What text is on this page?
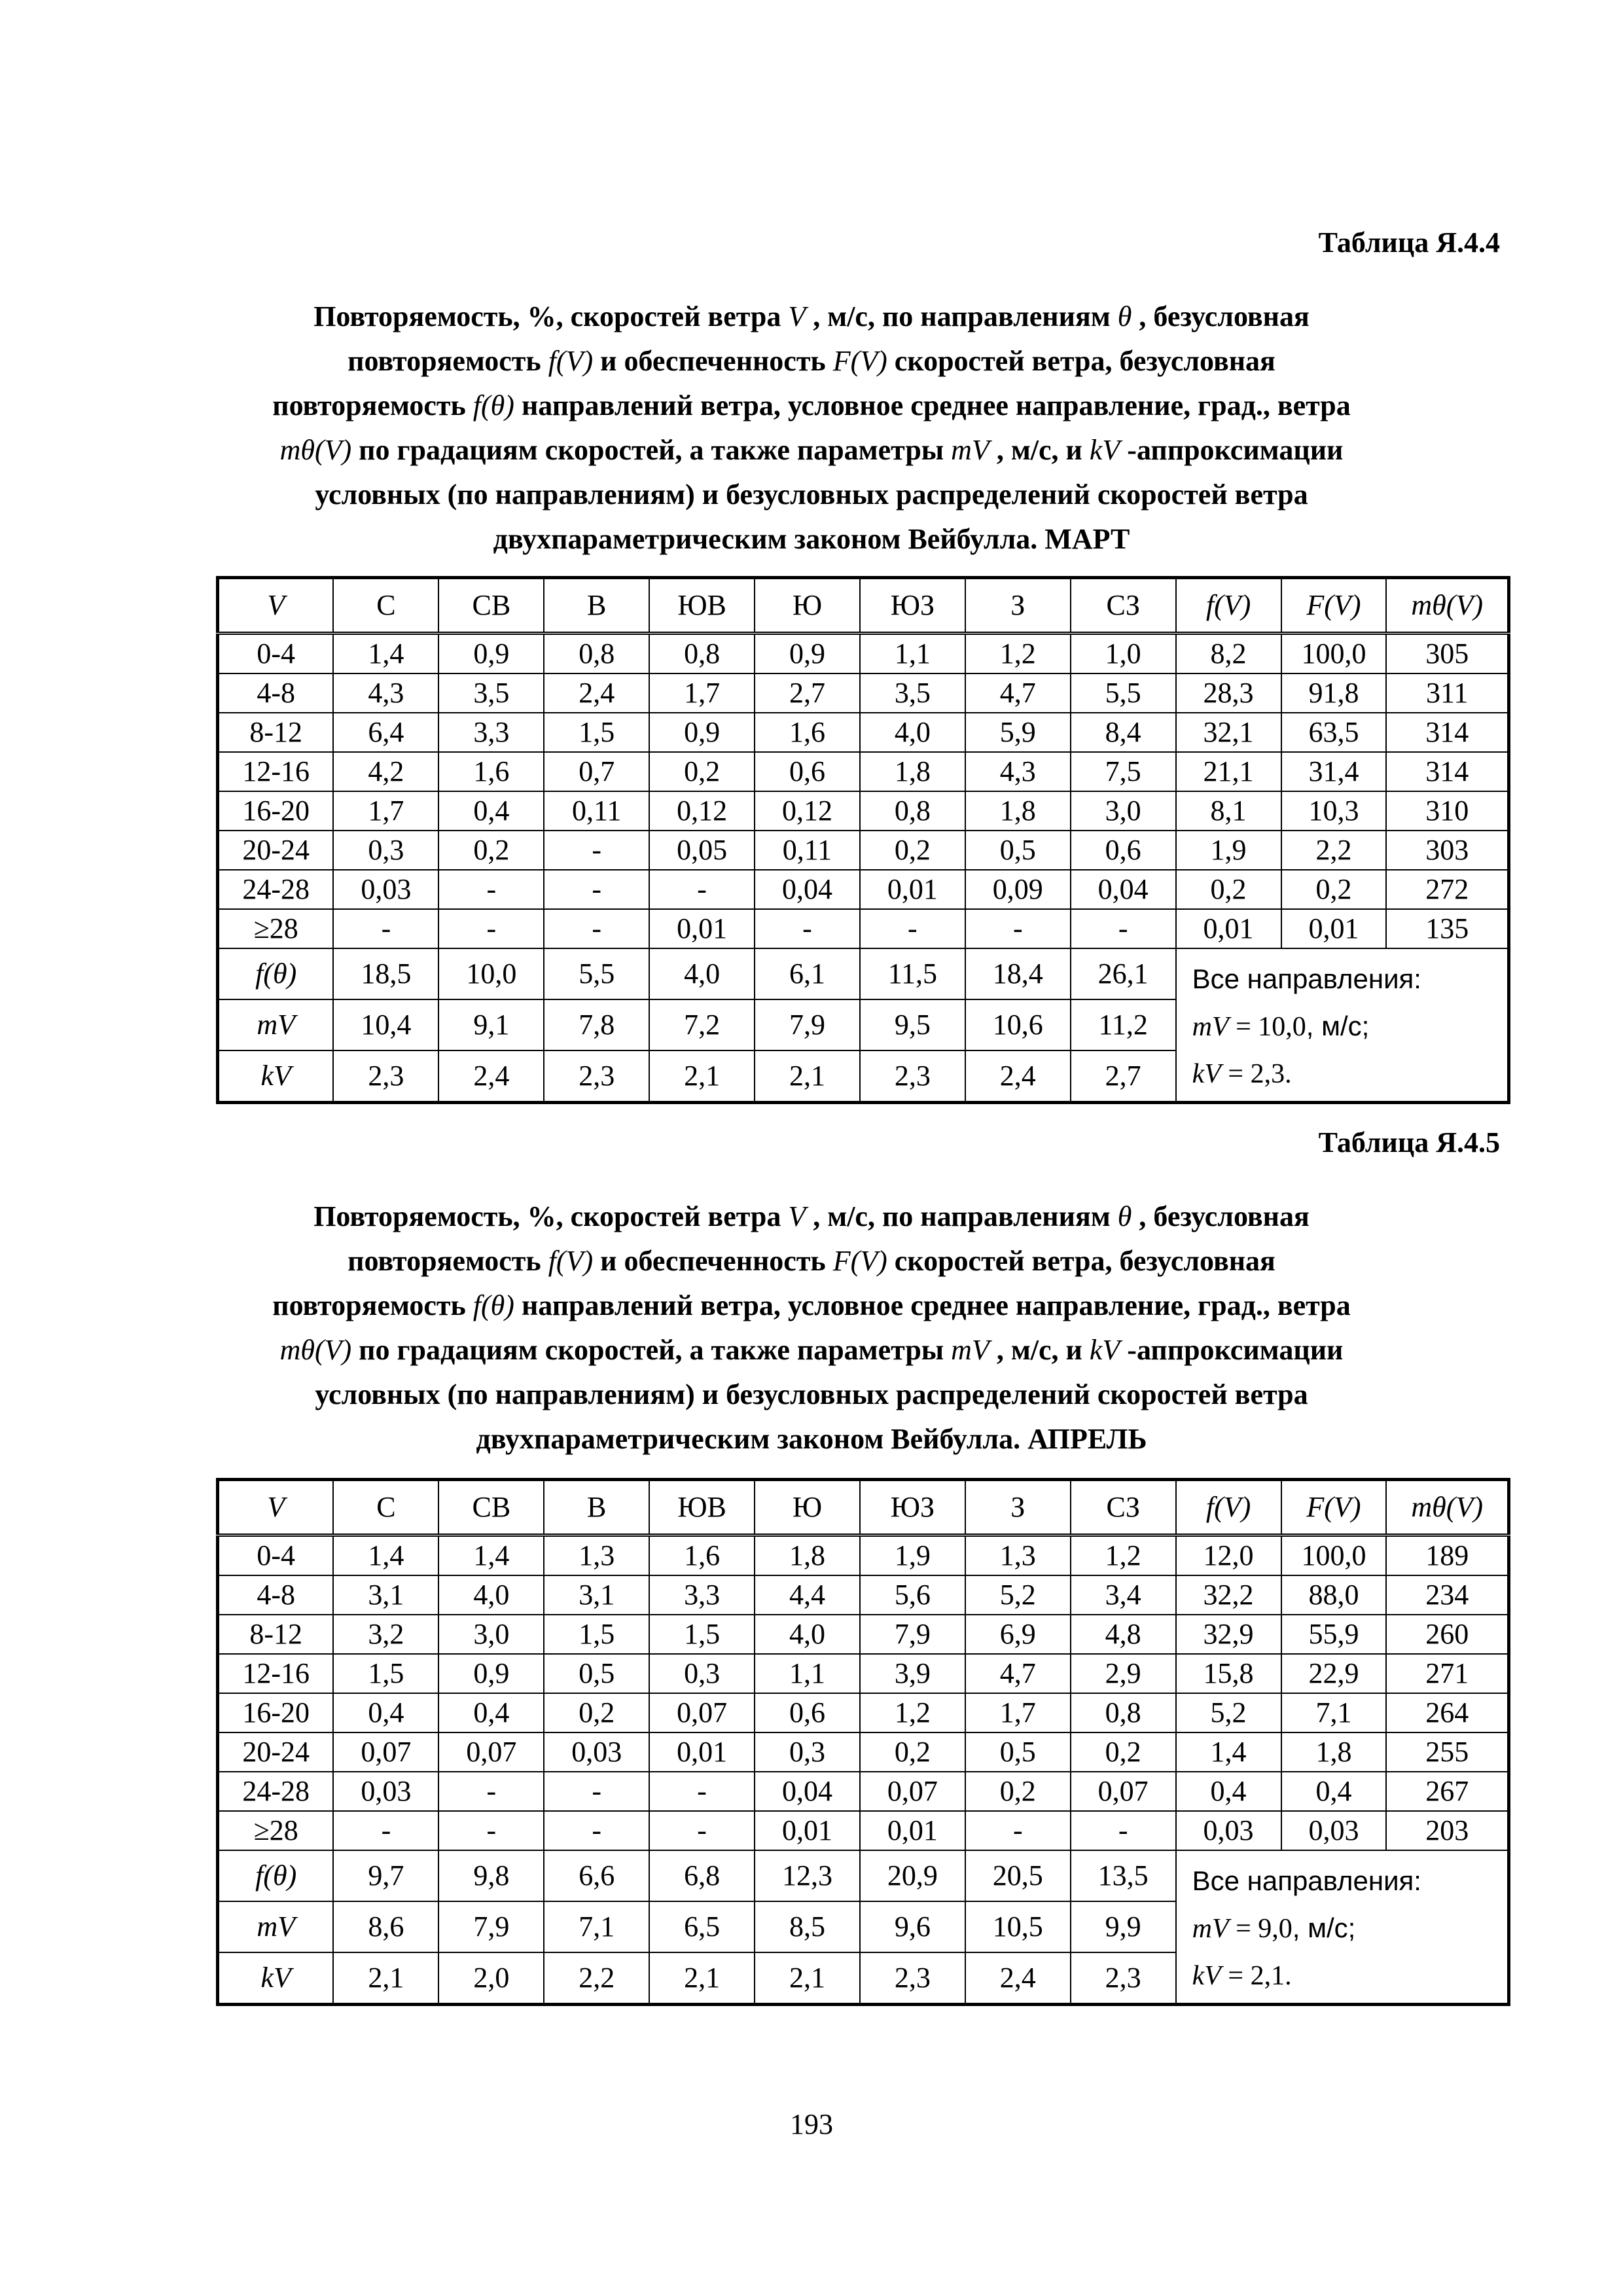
Таблица Я.4.4
Повторяемость, %, скоростей ветра V , м/с, по направлениям θ , безусловная
повторяемость f(V) и обеспеченность F(V) скоростей ветра, безусловная
повторяемость f(θ) направлений ветра, условное среднее направление, град., ветра
mθ(V) по градациям скоростей, а также параметры mV , м/с, и kV -аппроксимации
условных (по направлениям) и безусловных распределений скоростей ветра
двухпараметрическим законом Вейбулла. МАРТ
V	С	СВ	В	ЮВ	Ю	ЮЗ	З	СЗ	f(V)	F(V)	mθ(V)
0-4	1,4	0,9	0,8	0,8	0,9	1,1	1,2	1,0	8,2	100,0	305
4-8	4,3	3,5	2,4	1,7	2,7	3,5	4,7	5,5	28,3	91,8	311
8-12	6,4	3,3	1,5	0,9	1,6	4,0	5,9	8,4	32,1	63,5	314
12-16	4,2	1,6	0,7	0,2	0,6	1,8	4,3	7,5	21,1	31,4	314
16-20	1,7	0,4	0,11	0,12	0,12	0,8	1,8	3,0	8,1	10,3	310
20-24	0,3	0,2	-	0,05	0,11	0,2	0,5	0,6	1,9	2,2	303
24-28	0,03	-	-	-	0,04	0,01	0,09	0,04	0,2	0,2	272
≥28	-	-	-	0,01	-	-	-	-	0,01	0,01	135
f(θ)	18,5	10,0	5,5	4,0	6,1	11,5	18,4	26,1	Все направления:
mV = 10,0, м/с;
kV = 2,3.		

mV	10,4	9,1	7,8	7,2	7,9	9,5	10,6	11,2			
kV	2,3	2,4	2,3	2,1	2,1	2,3	2,4	2,7			
Таблица Я.4.5
Повторяемость, %, скоростей ветра V , м/с, по направлениям θ , безусловная
повторяемость f(V) и обеспеченность F(V) скоростей ветра, безусловная
повторяемость f(θ) направлений ветра, условное среднее направление, град., ветра
mθ(V) по градациям скоростей, а также параметры mV , м/с, и kV -аппроксимации
условных (по направлениям) и безусловных распределений скоростей ветра
двухпараметрическим законом Вейбулла. АПРЕЛЬ
V	С	СВ	В	ЮВ	Ю	ЮЗ	З	СЗ	f(V)	F(V)	mθ(V)
0-4	1,4	1,4	1,3	1,6	1,8	1,9	1,3	1,2	12,0	100,0	189
4-8	3,1	4,0	3,1	3,3	4,4	5,6	5,2	3,4	32,2	88,0	234
8-12	3,2	3,0	1,5	1,5	4,0	7,9	6,9	4,8	32,9	55,9	260
12-16	1,5	0,9	0,5	0,3	1,1	3,9	4,7	2,9	15,8	22,9	271
16-20	0,4	0,4	0,2	0,07	0,6	1,2	1,7	0,8	5,2	7,1	264
20-24	0,07	0,07	0,03	0,01	0,3	0,2	0,5	0,2	1,4	1,8	255
24-28	0,03	-	-	-	0,04	0,07	0,2	0,07	0,4	0,4	267
≥28	-	-	-	-	0,01	0,01	-	-	0,03	0,03	203
f(θ)	9,7	9,8	6,6	6,8	12,3	20,9	20,5	13,5	Все направления:
mV = 9,0, м/с;
kV = 2,1.		

mV	8,6	7,9	7,1	6,5	8,5	9,6	10,5	9,9			
kV	2,1	2,0	2,2	2,1	2,1	2,3	2,4	2,3			
193
